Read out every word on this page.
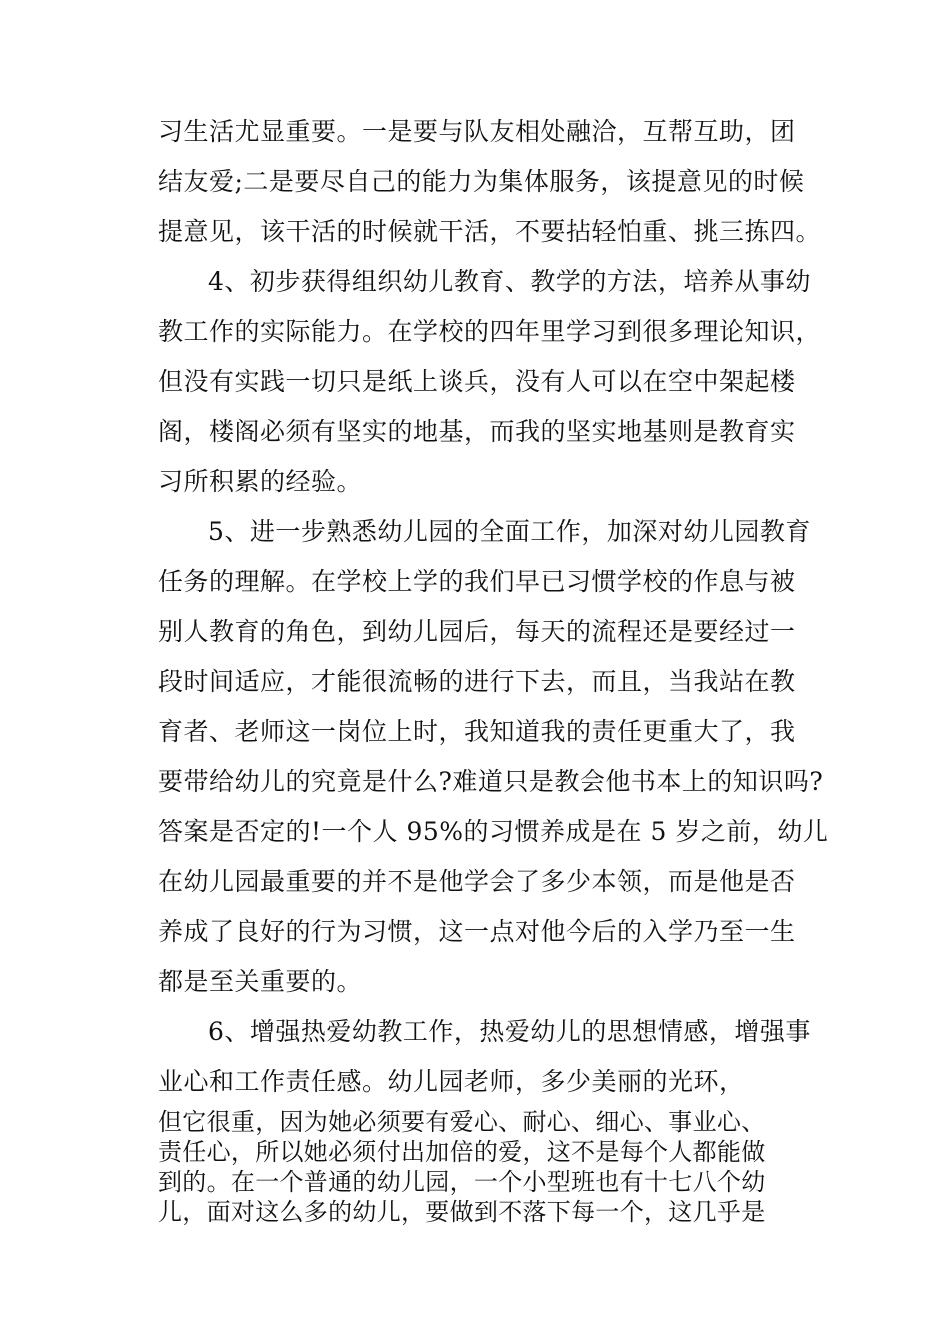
习生活尤显重要。一是要与队友相处融洽，互帮互助，团
结友爱;二是要尽自己的能力为集体服务，该提意见的时候
提意见，该干活的时候就干活，不要拈轻怕重、挑三拣四。
4、初步获得组织幼儿教育、教学的方法，培养从事幼
教工作的实际能力。在学校的四年里学习到很多理论知识，
但没有实践一切只是纸上谈兵，没有人可以在空中架起楼
阁，楼阁必须有坚实的地基，而我的坚实地基则是教育实
习所积累的经验。
5、进一步熟悉幼儿园的全面工作，加深对幼儿园教育
任务的理解。在学校上学的我们早已习惯学校的作息与被
别人教育的角色，到幼儿园后，每天的流程还是要经过一
段时间适应，才能很流畅的进行下去，而且，当我站在教
育者、老师这一岗位上时，我知道我的责任更重大了，我
要带给幼儿的究竟是什么?难道只是教会他书本上的知识吗?
答案是否定的!一个人 95%的习惯养成是在 5 岁之前，幼儿
在幼儿园最重要的并不是他学会了多少本领，而是他是否
养成了良好的行为习惯，这一点对他今后的入学乃至一生
都是至关重要的。
6、增强热爱幼教工作，热爱幼儿的思想情感，增强事
业心和工作责任感。幼儿园老师，多少美丽的光环，
但它很重，因为她必须要有爱心、耐心、细心、事业心、
责任心，所以她必须付出加倍的爱，这不是每个人都能做
到的。在一个普通的幼儿园，一个小型班也有十七八个幼
儿，面对这么多的幼儿，要做到不落下每一个，这几乎是
